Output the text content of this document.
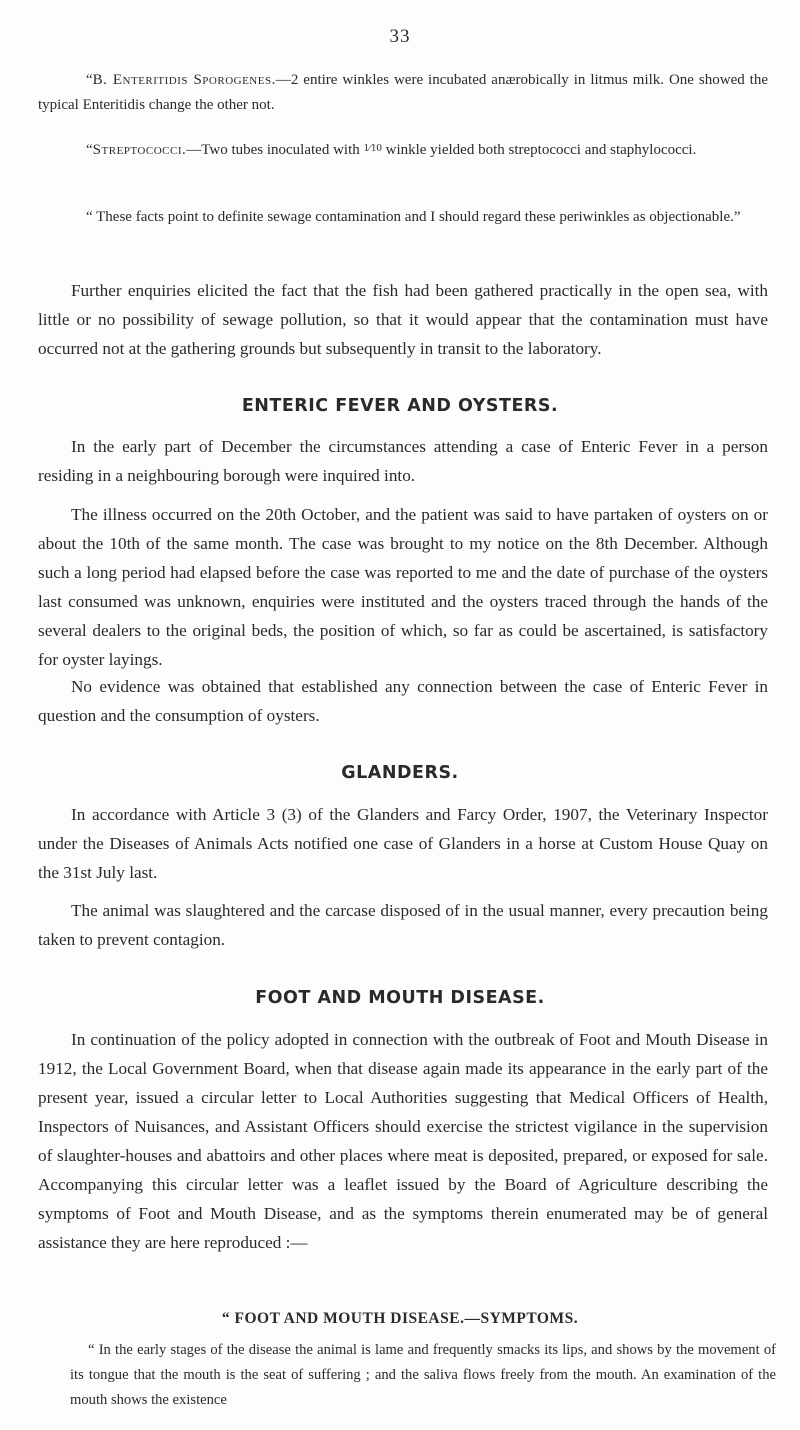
33

“B. Enteritidis Sporogenes.—2 entire winkles were incubated anærobically in litmus milk. One showed the typical Enteritidis change the other not.

“Streptococci.—Two tubes inoculated with $^{1⁄10}$ winkle yielded both streptococci and staphylococci.

“ These facts point to definite sewage contamination and I should regard these periwinkles as objectionable.”

Further enquiries elicited the fact that the fish had been gathered practically in the open sea, with little or no possibility of sewage pollution, so that it would appear that the contamination must have occurred not at the gathering grounds but subsequently in transit to the laboratory.

ENTERIC FEVER AND OYSTERS.

In the early part of December the circumstances attending a case of Enteric Fever in a person residing in a neighbouring borough were inquired into.

The illness occurred on the 20th October, and the patient was said to have partaken of oysters on or about the 10th of the same month. The case was brought to my notice on the 8th December. Although such a long period had elapsed before the case was reported to me and the date of purchase of the oysters last consumed was unknown, enquiries were instituted and the oysters traced through the hands of the several dealers to the original beds, the position of which, so far as could be ascertained, is satisfactory for oyster layings.

No evidence was obtained that established any connection between the case of Enteric Fever in question and the consumption of oysters.

GLANDERS.

In accordance with Article 3 (3) of the Glanders and Farcy Order, 1907, the Veterinary Inspector under the Diseases of Animals Acts notified one case of Glanders in a horse at Custom House Quay on the 31st July last.

The animal was slaughtered and the carcase disposed of in the usual manner, every precaution being taken to prevent contagion.

FOOT AND MOUTH DISEASE.

In continuation of the policy adopted in connection with the outbreak of Foot and Mouth Disease in 1912, the Local Government Board, when that disease again made its appearance in the early part of the present year, issued a circular letter to Local Authorities suggesting that Medical Officers of Health, Inspectors of Nuisances, and Assistant Officers should exercise the strictest vigilance in the supervision of slaughter-houses and abattoirs and other places where meat is deposited, prepared, or exposed for sale. Accompanying this circular letter was a leaflet issued by the Board of Agriculture describing the symptoms of Foot and Mouth Disease, and as the symptoms therein enumerated may be of general assistance they are here reproduced :—

“ FOOT AND MOUTH DISEASE.—SYMPTOMS.

“ In the early stages of the disease the animal is lame and frequently smacks its lips, and shows by the movement of its tongue that the mouth is the seat of suffering ; and the saliva flows freely from the mouth. An examination of the mouth shows the existence
